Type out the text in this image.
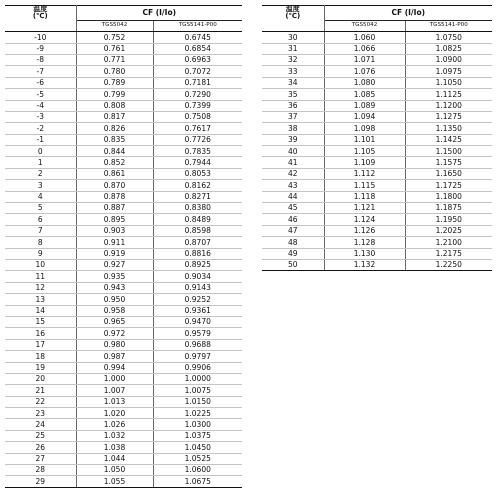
温度
(℃)	CF (I/Io)	
	TGS5042	TGS5141-P00
-10	0.752	0.6745
-9	0.761	0.6854
-8	0.771	0.6963
-7	0.780	0.7072
-6	0.789	0.7181
-5	0.799	0.7290
-4	0.808	0.7399
-3	0.817	0.7508
-2	0.826	0.7617
-1	0.835	0.7726
0	0.844	0.7835
1	0.852	0.7944
2	0.861	0.8053
3	0.870	0.8162
4	0.878	0.8271
5	0.887	0.8380
6	0.895	0.8489
7	0.903	0.8598
8	0.911	0.8707
9	0.919	0.8816
10	0.927	0.8925
11	0.935	0.9034
12	0.943	0.9143
13	0.950	0.9252
14	0.958	0.9361
15	0.965	0.9470
16	0.972	0.9579
17	0.980	0.9688
18	0.987	0.9797
19	0.994	0.9906
20	1.000	1.0000
21	1.007	1.0075
22	1.013	1.0150
23	1.020	1.0225
24	1.026	1.0300
25	1.032	1.0375
26	1.038	1.0450
27	1.044	1.0525
28	1.050	1.0600
29	1.055	1.0675
温度
(℃)	CF (I/Io)	
	TGS5042	TGS5141-P00
30	1.060	1.0750
31	1.066	1.0825
32	1.071	1.0900
33	1.076	1.0975
34	1.080	1.1050
35	1.085	1.1125
36	1.089	1.1200
37	1.094	1.1275
38	1.098	1.1350
39	1.101	1.1425
40	1.105	1.1500
41	1.109	1.1575
42	1.112	1.1650
43	1.115	1.1725
44	1.118	1.1800
45	1.121	1.1875
46	1.124	1.1950
47	1.126	1.2025
48	1.128	1.2100
49	1.130	1.2175
50	1.132	1.2250
